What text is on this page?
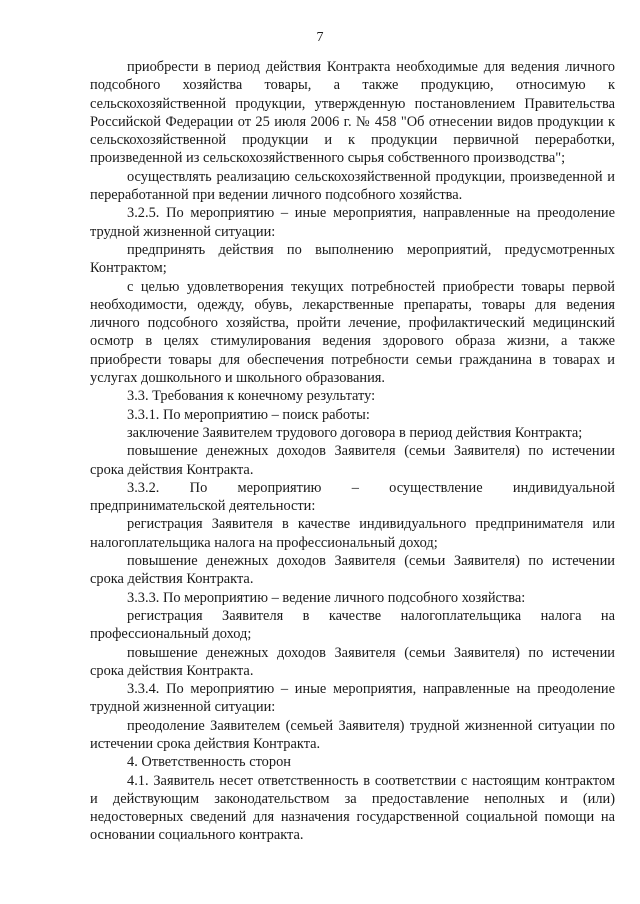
7

приобрести в период действия Контракта необходимые для ведения личного подсобного хозяйства товары, а также продукцию, относимую к сельскохозяйственной продукции, утвержденную постановлением Правительства Российской Федерации от 25 июля 2006 г. № 458 "Об отнесении видов продукции к сельскохозяйственной продукции и к продукции первичной переработки, произведенной из сельскохозяйственного сырья собственного производства";

осуществлять реализацию сельскохозяйственной продукции, произведенной и переработанной при ведении личного подсобного хозяйства.

3.2.5. По мероприятию – иные мероприятия, направленные на преодоление трудной жизненной ситуации:

предпринять действия по выполнению мероприятий, предусмотренных Контрактом;

с целью удовлетворения текущих потребностей приобрести товары первой необходимости, одежду, обувь, лекарственные препараты, товары для ведения личного подсобного хозяйства, пройти лечение, профилактический медицинский осмотр в целях стимулирования ведения здорового образа жизни, а также приобрести товары для обеспечения потребности семьи гражданина в товарах и услугах дошкольного и школьного образования.

3.3. Требования к конечному результату:

3.3.1. По мероприятию – поиск работы:

заключение Заявителем трудового договора в период действия Контракта;

повышение денежных доходов Заявителя (семьи Заявителя) по истечении срока действия Контракта.

3.3.2. По мероприятию – осуществление индивидуальной предпринимательской деятельности:

регистрация Заявителя в качестве индивидуального предпринимателя или налогоплательщика налога на профессиональный доход;

повышение денежных доходов Заявителя (семьи Заявителя) по истечении срока действия Контракта.

3.3.3. По мероприятию – ведение личного подсобного хозяйства:

регистрация Заявителя в качестве налогоплательщика налога на профессиональный доход;

повышение денежных доходов Заявителя (семьи Заявителя) по истечении срока действия Контракта.

3.3.4. По мероприятию – иные мероприятия, направленные на преодоление трудной жизненной ситуации:

преодоление Заявителем (семьей Заявителя) трудной жизненной ситуации по истечении срока действия Контракта.

4. Ответственность сторон

4.1. Заявитель несет ответственность в соответствии с настоящим контрактом и действующим законодательством за предоставление неполных и (или) недостоверных сведений для назначения государственной социальной помощи на основании социального контракта.
